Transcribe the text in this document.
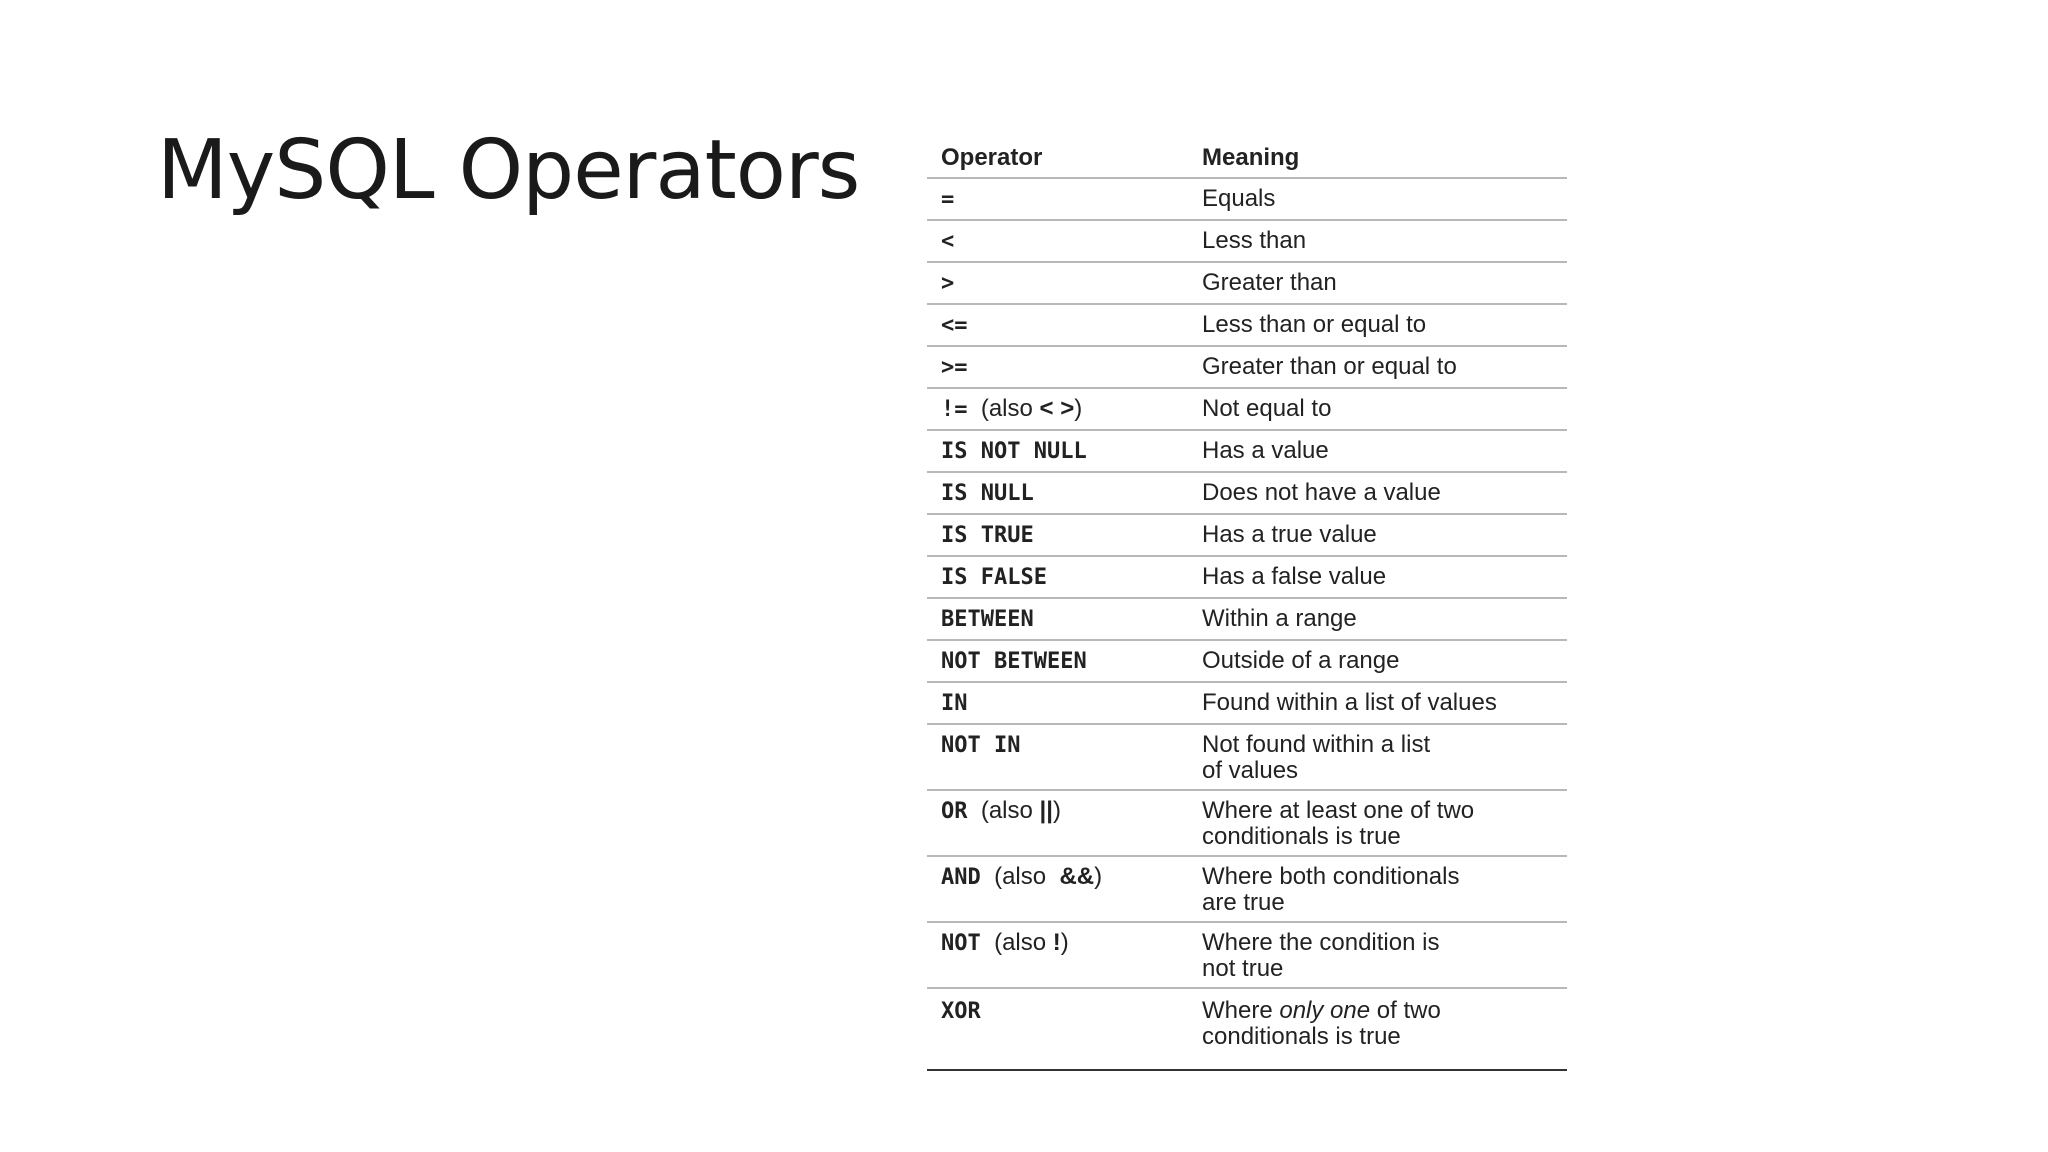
MySQL Operators	Operator	Meaning
=	Equals
<	Less than
>	Greater than
<=	Less than or equal to
>=	Greater than or equal to
!= (also < >)	Not equal to
IS NOT NULL	Has a value
IS NULL	Does not have a value
IS TRUE	Has a true value
IS FALSE	Has a false value
BETWEEN	Within a range
NOT BETWEEN	Outside of a range
IN	Found within a list of values
NOT IN	Not found within a list
of values
OR (also ||)	Where at least one of two
conditionals is true
AND (also &&)	Where both conditionals
are true
NOT (also !)	Where the condition is
not true
XOR	Where only one of two
conditionals is true
